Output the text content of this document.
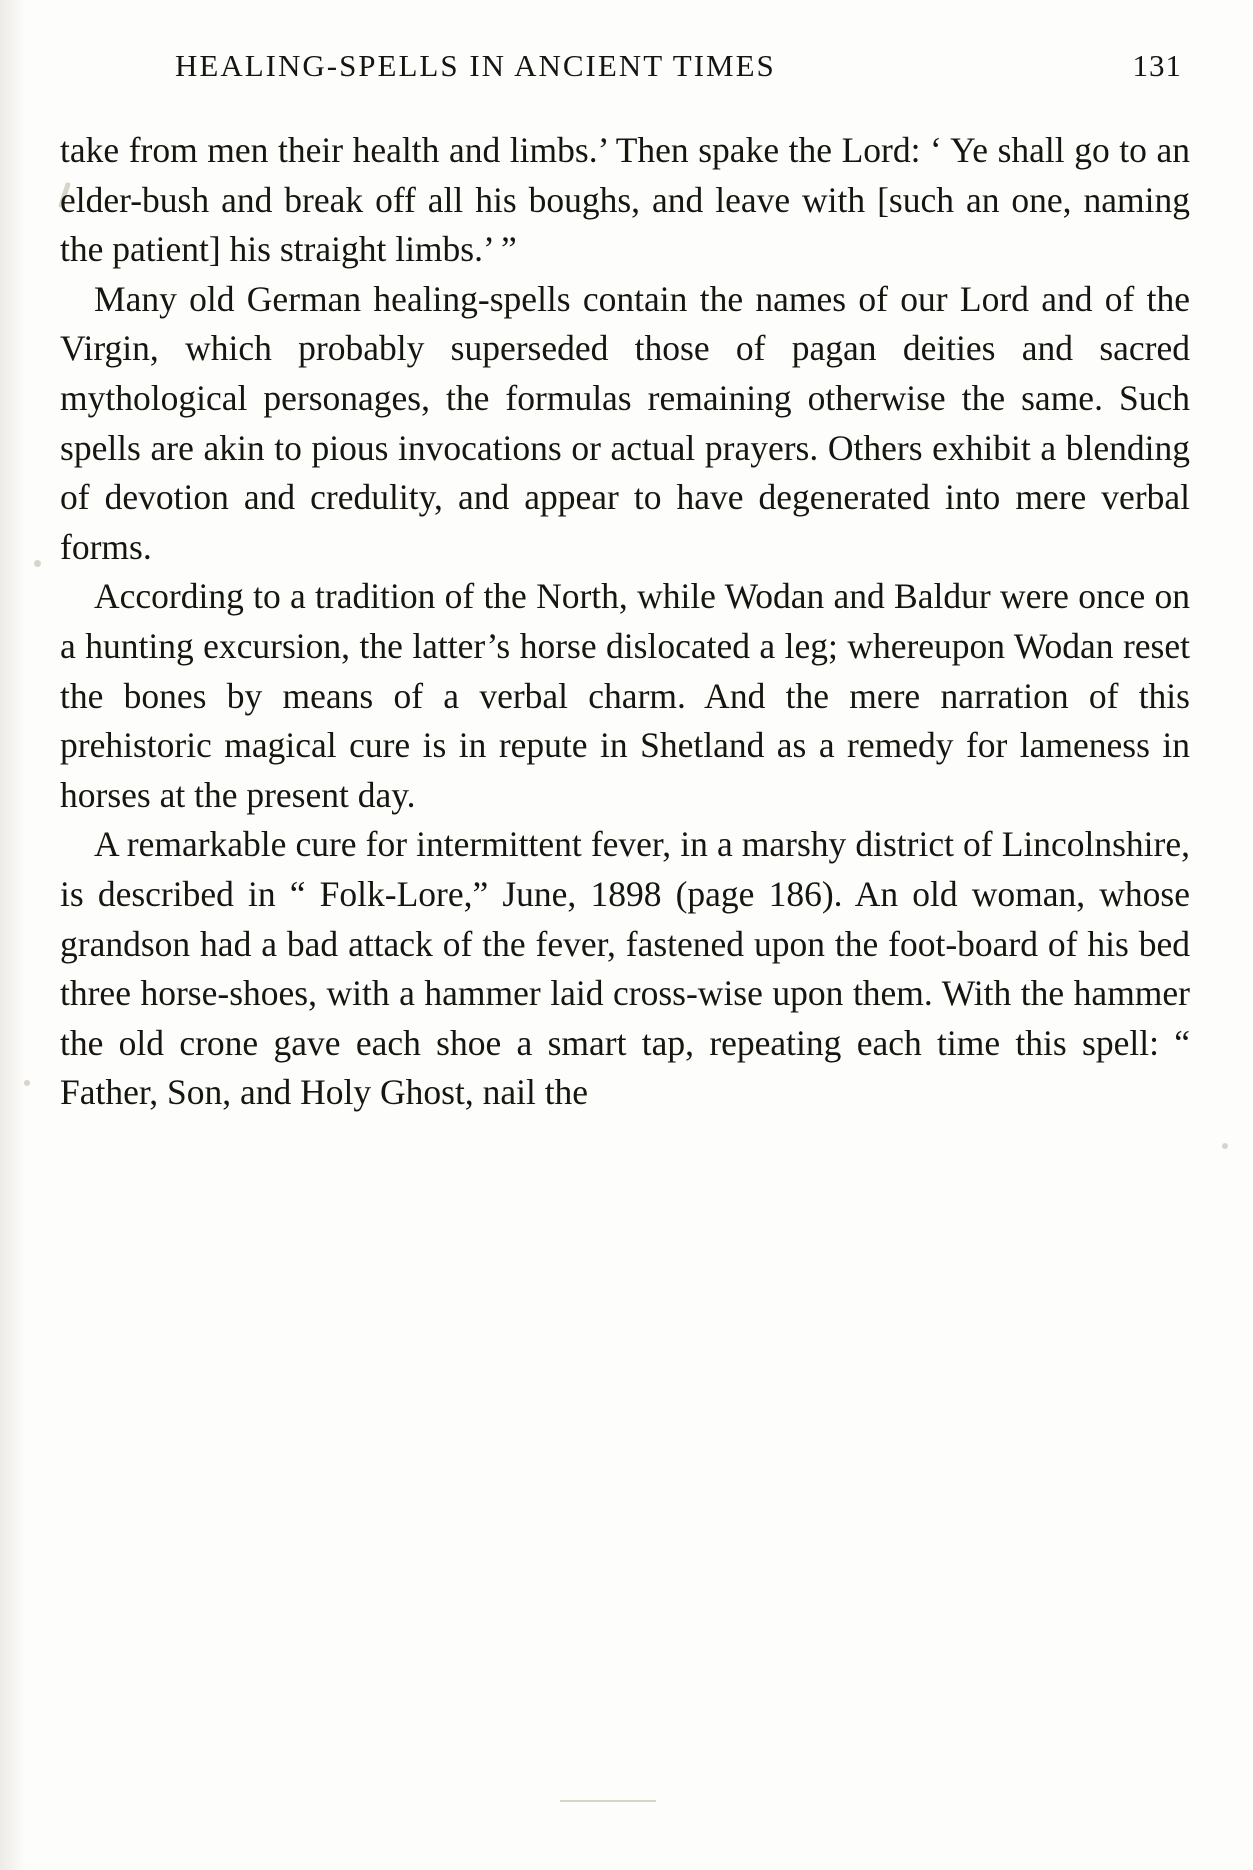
HEALING-SPELLS IN ANCIENT TIMES	131

take from men their health and limbs.’ Then spake the Lord: ‘ Ye shall go to an elder-bush and break off all his boughs, and leave with [such an one, naming the patient] his straight limbs.’ ”

Many old German healing-spells contain the names of our Lord and of the Virgin, which probably superseded those of pagan deities and sacred mythological personages, the formulas remaining otherwise the same. Such spells are akin to pious invocations or actual prayers. Others exhibit a blending of devotion and credulity, and appear to have degenerated into mere verbal forms.

According to a tradition of the North, while Wodan and Baldur were once on a hunting excursion, the latter’s horse dislocated a leg; whereupon Wodan reset the bones by means of a verbal charm. And the mere narration of this prehistoric magical cure is in repute in Shetland as a remedy for lameness in horses at the present day.

A remarkable cure for intermittent fever, in a marshy district of Lincolnshire, is described in “ Folk-Lore,” June, 1898 (page 186). An old woman, whose grandson had a bad attack of the fever, fastened upon the foot-board of his bed three horse-shoes, with a hammer laid cross-wise upon them. With the hammer the old crone gave each shoe a smart tap, repeating each time this spell: “ Father, Son, and Holy Ghost, nail the
